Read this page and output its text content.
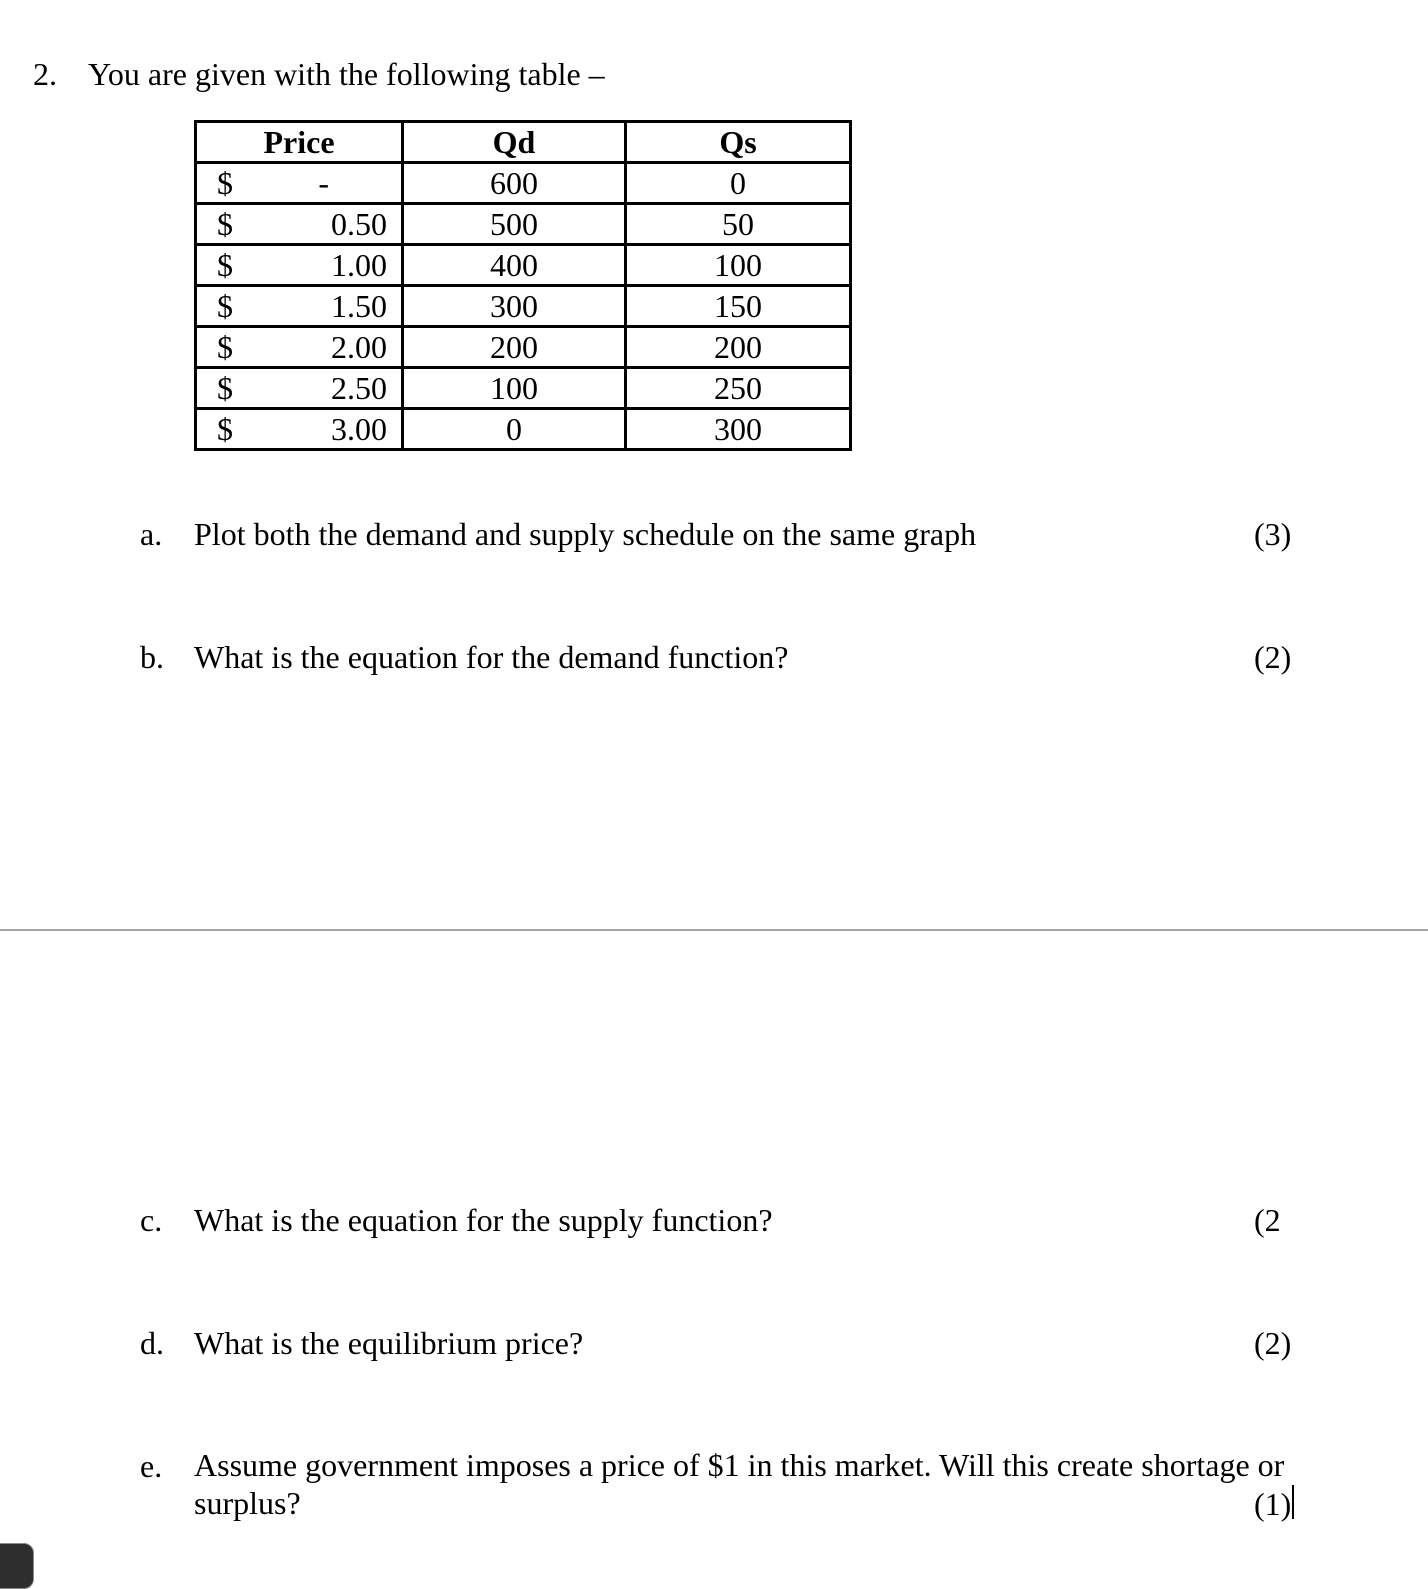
2. You are given with the following table –
Price	Qd	Qs

$ -	600	0

$ 0.50	500	50

$ 1.00	400	100

$ 1.50	300	150

$ 2.00	200	200

$ 2.50	100	250

$ 3.00	0	300
a. Plot both the demand and supply schedule on the same graph	(3)
b. What is the equation for the demand function?	(2)
c. What is the equation for the supply function?	(2
d. What is the equilibrium price?	(2)
e. Assume government imposes a price of $1 in this market. Will this create shortage or surplus?	(1)
